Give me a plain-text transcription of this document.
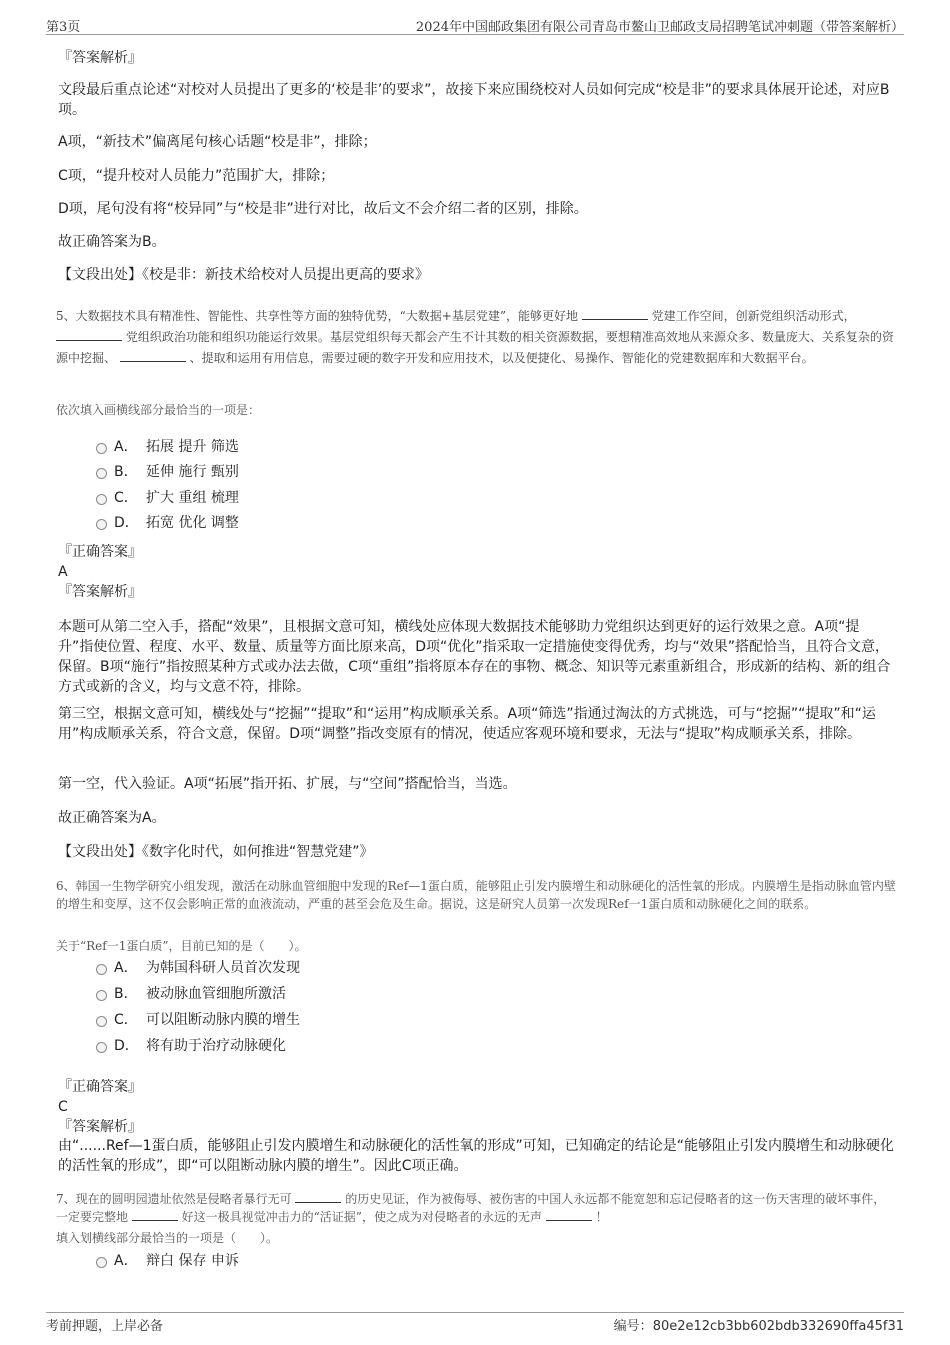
第3页	2024年中国邮政集团有限公司青岛市鳌山卫邮政支局招聘笔试冲刺题（带答案解析）
『答案解析』
文段最后重点论述“对校对人员提出了更多的‘校是非’的要求”，故接下来应围绕校对人员如何完成“校是非”的要求具体展开论述，对应B项。
A项，“新技术”偏离尾句核心话题“校是非”，排除；
C项，“提升校对人员能力”范围扩大，排除；
D项，尾句没有将“校异同”与“校是非”进行对比，故后文不会介绍二者的区别，排除。
故正确答案为B。
【文段出处】《校是非：新技术给校对人员提出更高的要求》
5、大数据技术具有精准性、智能性、共享性等方面的独特优势，“大数据+基层党建”，能够更好地	党建工作空间，创新党组织活动形式，  党组织政治功能和组织功能运行效果。基层党组织每天都会产生不计其数的相关资源数据，要想精准高效地从来源众多、数量庞大、关系复杂的资源中挖掘、	、提取和运用有用信息，需要过硬的数字开发和应用技术，以及便捷化、易操作、智能化的党建数据库和大数据平台。
依次填入画横线部分最恰当的一项是：
A． 拓展 提升 筛选
B． 延伸 施行 甄别
C． 扩大 重组 梳理
D． 拓宽 优化 调整
『正确答案』
A
『答案解析』
本题可从第二空入手，搭配“效果”，且根据文意可知，横线处应体现大数据技术能够助力党组织达到更好的运行效果之意。A项“提升”指使位置、程度、水平、数量、质量等方面比原来高，D项“优化”指采取一定措施使变得优秀，均与“效果”搭配恰当，且符合文意，保留。B项“施行”指按照某种方式或办法去做，C项“重组”指将原本存在的事物、概念、知识等元素重新组合，形成新的结构、新的组合方式或新的含义，均与文意不符，排除。
第三空，根据文意可知，横线处与“挖掘”“提取”和“运用”构成顺承关系。A项“筛选”指通过淘汰的方式挑选，可与“挖掘”“提取”和“运用”构成顺承关系，符合文意，保留。D项“调整”指改变原有的情况，使适应客观环境和要求，无法与“提取”构成顺承关系，排除。
第一空，代入验证。A项“拓展”指开拓、扩展，与“空间”搭配恰当，当选。
故正确答案为A。
【文段出处】《数字化时代，如何推进“智慧党建”》
6、韩国一生物学研究小组发现，激活在动脉血管细胞中发现的Ref—1蛋白质，能够阻止引发内膜增生和动脉硬化的活性氧的形成。内膜增生是指动脉血管内壁的增生和变厚，这不仅会影响正常的血液流动，严重的甚至会危及生命。据说，这是研究人员第一次发现Ref一1蛋白质和动脉硬化之间的联系。
关于“Ref一1蛋白质”，目前已知的是（　　）。
A． 为韩国科研人员首次发现
B． 被动脉血管细胞所激活
C． 可以阻断动脉内膜的增生
D． 将有助于治疗动脉硬化
『正确答案』
C
『答案解析』
由“......Ref—1蛋白质，能够阻止引发内膜增生和动脉硬化的活性氧的形成”可知，已知确定的结论是“能够阻止引发内膜增生和动脉硬化的活性氧的形成”，即“可以阻断动脉内膜的增生”。因此C项正确。
7、现在的圆明园遗址依然是侵略者暴行无可	的历史见证，作为被侮辱、被伤害的中国人永远都不能宽恕和忘记侵略者的这一伤天害理的破坏事件，一定要完整地	好这一极具视觉冲击力的“活证据”，使之成为对侵略者的永远的无声	！
填入划横线部分最恰当的一项是（　　）。
A． 辩白 保存 申诉
考前押题，上岸必备	编号：80e2e12cb3bb602bdb332690ffa45f31
